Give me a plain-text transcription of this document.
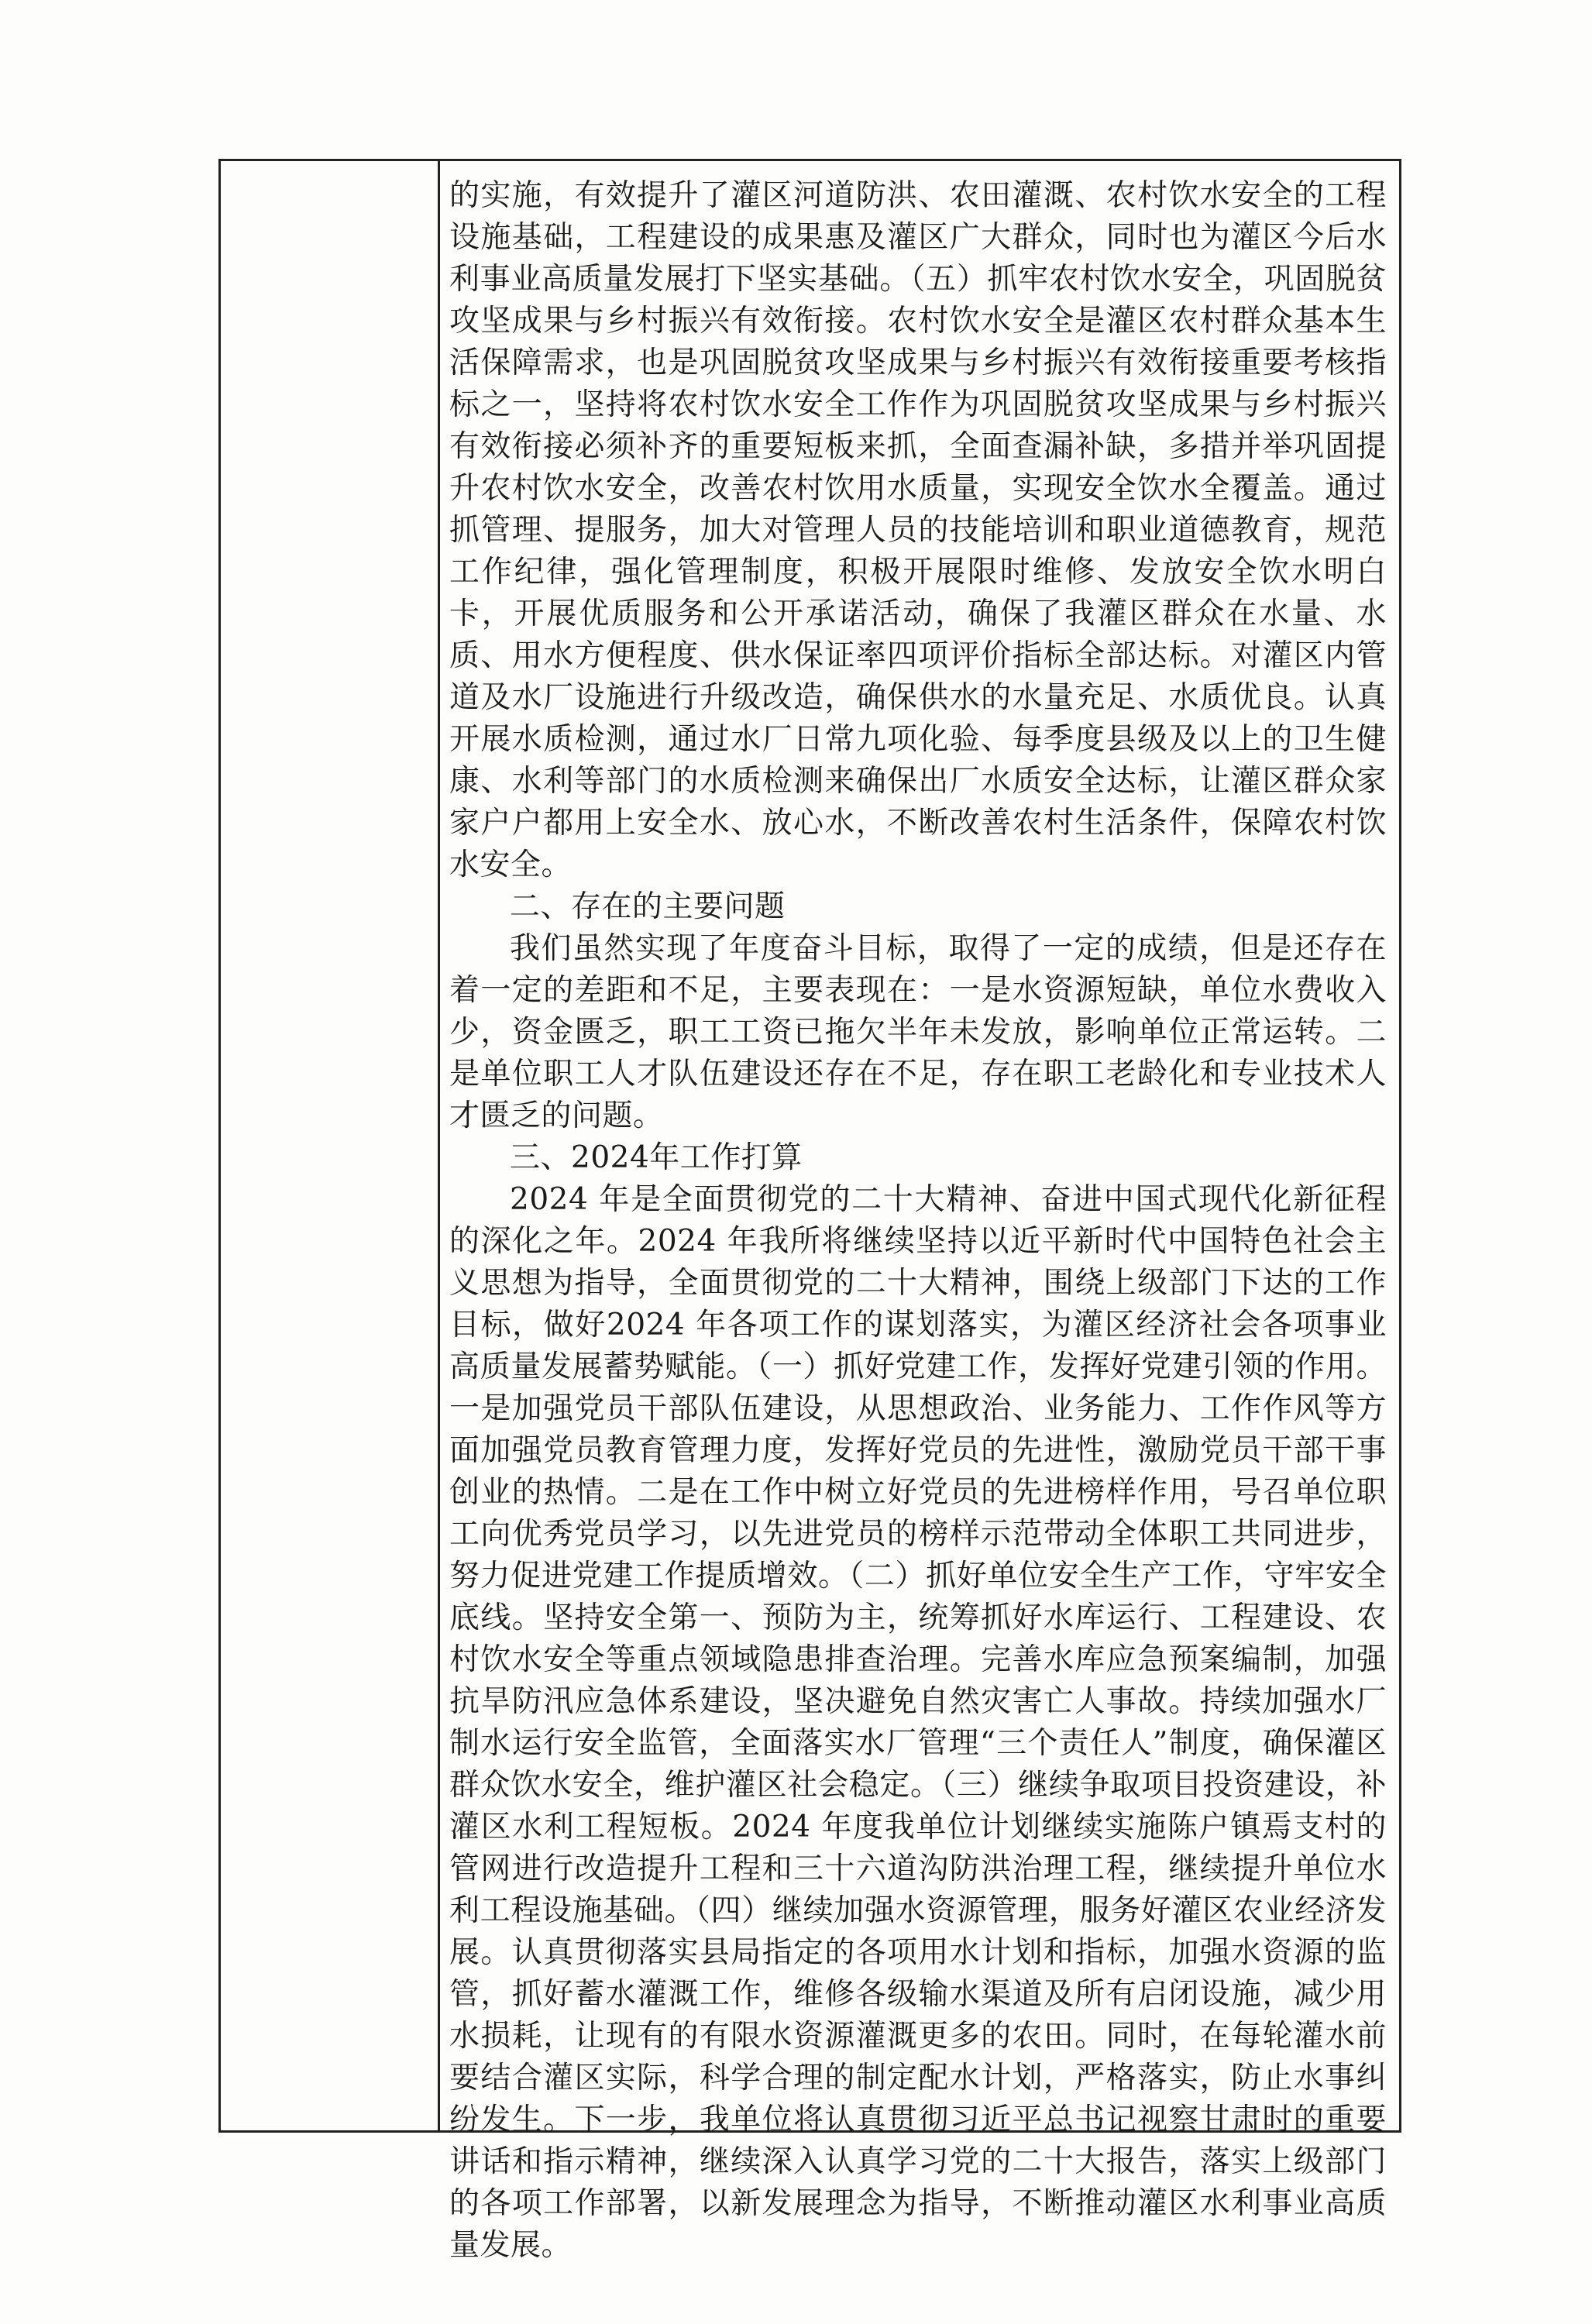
的实施，有效提升了灌区河道防洪、农田灌溉、农村饮水安全的工程设施基础，工程建设的成果惠及灌区广大群众，同时也为灌区今后水利事业高质量发展打下坚实基础。（五）抓牢农村饮水安全，巩固脱贫攻坚成果与乡村振兴有效衔接。农村饮水安全是灌区农村群众基本生活保障需求，也是巩固脱贫攻坚成果与乡村振兴有效衔接重要考核指标之一，坚持将农村饮水安全工作作为巩固脱贫攻坚成果与乡村振兴有效衔接必须补齐的重要短板来抓，全面查漏补缺，多措并举巩固提升农村饮水安全，改善农村饮用水质量，实现安全饮水全覆盖。通过抓管理、提服务，加大对管理人员的技能培训和职业道德教育，规范工作纪律，强化管理制度，积极开展限时维修、发放安全饮水明白卡，开展优质服务和公开承诺活动，确保了我灌区群众在水量、水质、用水方便程度、供水保证率四项评价指标全部达标。对灌区内管道及水厂设施进行升级改造，确保供水的水量充足、水质优良。认真开展水质检测，通过水厂日常九项化验、每季度县级及以上的卫生健康、水利等部门的水质检测来确保出厂水质安全达标，让灌区群众家家户户都用上安全水、放心水，不断改善农村生活条件，保障农村饮水安全。

二、存在的主要问题

我们虽然实现了年度奋斗目标，取得了一定的成绩，但是还存在着一定的差距和不足，主要表现在：一是水资源短缺，单位水费收入少，资金匮乏，职工工资已拖欠半年未发放，影响单位正常运转。二是单位职工人才队伍建设还存在不足，存在职工老龄化和专业技术人才匮乏的问题。

三、2024年工作打算

2024 年是全面贯彻党的二十大精神、奋进中国式现代化新征程的深化之年。2024 年我所将继续坚持以近平新时代中国特色社会主义思想为指导，全面贯彻党的二十大精神，围绕上级部门下达的工作目标，做好2024 年各项工作的谋划落实，为灌区经济社会各项事业高质量发展蓄势赋能。（一）抓好党建工作，发挥好党建引领的作用。一是加强党员干部队伍建设，从思想政治、业务能力、工作作风等方面加强党员教育管理力度，发挥好党员的先进性，激励党员干部干事创业的热情。二是在工作中树立好党员的先进榜样作用，号召单位职工向优秀党员学习，以先进党员的榜样示范带动全体职工共同进步，努力促进党建工作提质增效。（二）抓好单位安全生产工作，守牢安全底线。坚持安全第一、预防为主，统筹抓好水库运行、工程建设、农村饮水安全等重点领域隐患排查治理。完善水库应急预案编制，加强抗旱防汛应急体系建设，坚决避免自然灾害亡人事故。持续加强水厂制水运行安全监管，全面落实水厂管理“三个责任人”制度，确保灌区群众饮水安全，维护灌区社会稳定。（三）继续争取项目投资建设，补灌区水利工程短板。2024 年度我单位计划继续实施陈户镇焉支村的管网进行改造提升工程和三十六道沟防洪治理工程，继续提升单位水利工程设施基础。（四）继续加强水资源管理，服务好灌区农业经济发展。认真贯彻落实县局指定的各项用水计划和指标，加强水资源的监管，抓好蓄水灌溉工作，维修各级输水渠道及所有启闭设施，减少用水损耗，让现有的有限水资源灌溉更多的农田。同时，在每轮灌水前要结合灌区实际，科学合理的制定配水计划，严格落实，防止水事纠纷发生。下一步，我单位将认真贯彻习近平总书记视察甘肃时的重要讲话和指示精神，继续深入认真学习党的二十大报告，落实上级部门的各项工作部署，以新发展理念为指导，不断推动灌区水利事业高质量发展。
